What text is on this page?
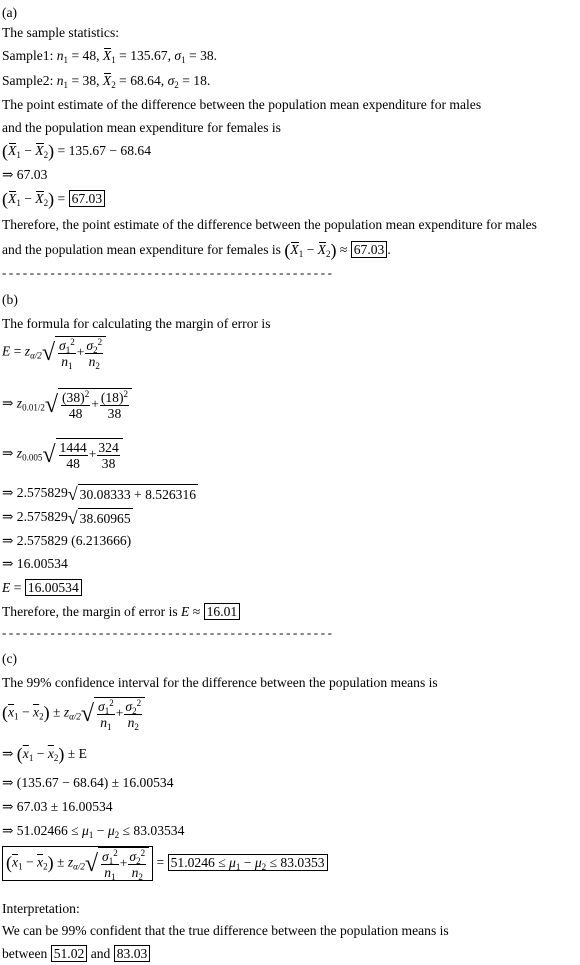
(a)
The sample statistics:
Sample1: $n_1 = 48$, $X_1 = 135.67$, $\sigma_1 = 38$.
Sample2: $n_1 = 38$, $X_2 = 68.64$, $\sigma_2 = 18$.
The point estimate of the difference between the population mean expenditure for males
and the population mean expenditure for females is
$(X_1 - X_2) = 135.67 - 68.64$
⇒ 67.03
$(X_1 - X_2) = 67.03$
Therefore, the point estimate of the difference between the population mean expenditure for males
and the population mean expenditure for females is $(X_1 - X_2) \approx 67.03$ .
------------------------------------------------
(b)
The formula for calculating the margin of error is
$E = z_{\alpha/2}√ \frac{\sigma_1^2}{n_1} + \frac{\sigma_2^2}{n_2}$
⇒ $z_{0.01/2}√ \frac{(38)^2}{48} + \frac{(18)^2}{38}$
⇒ $z_{0.005}√ \frac{1444}{48} + \frac{324}{38}$
⇒ 2.575829√ 30.08333 + 8.526316
⇒ 2.575829√ 38.60965
⇒ 2.575829 (6.213666)
⇒ 16.00534
E = 16.00534
Therefore, the margin of error is E ≈ 16.01
------------------------------------------------
(c)
The 99% confidence interval for the difference between the population means is
$(\overline{x}_1 - \overline{x}_2) \pm z_{\alpha/2}√ \frac{\sigma_1^2}{n_1} + \frac{\sigma_2^2}{n_2}$
⇒ $(\overline{x}_1 - \overline{x}_2) \pm E$
⇒ (135.67 − 68.64) ± 16.00534
⇒ 67.03 ± 16.00534
⇒ $51.02466 \le \mu_1 - \mu_2 \le 83.03534$
$(\overline{x}_1 - \overline{x}_2) \pm z_{\alpha/2}√ \frac{\sigma_1^2}{n_1} + \frac{\sigma_2^2}{n_2} = 51.0246 \le \mu_1 - \mu_2 \le 83.0353$
Interpretation:
We can be 99% confident that the true difference between the population means is
between 51.02 and 83.03
